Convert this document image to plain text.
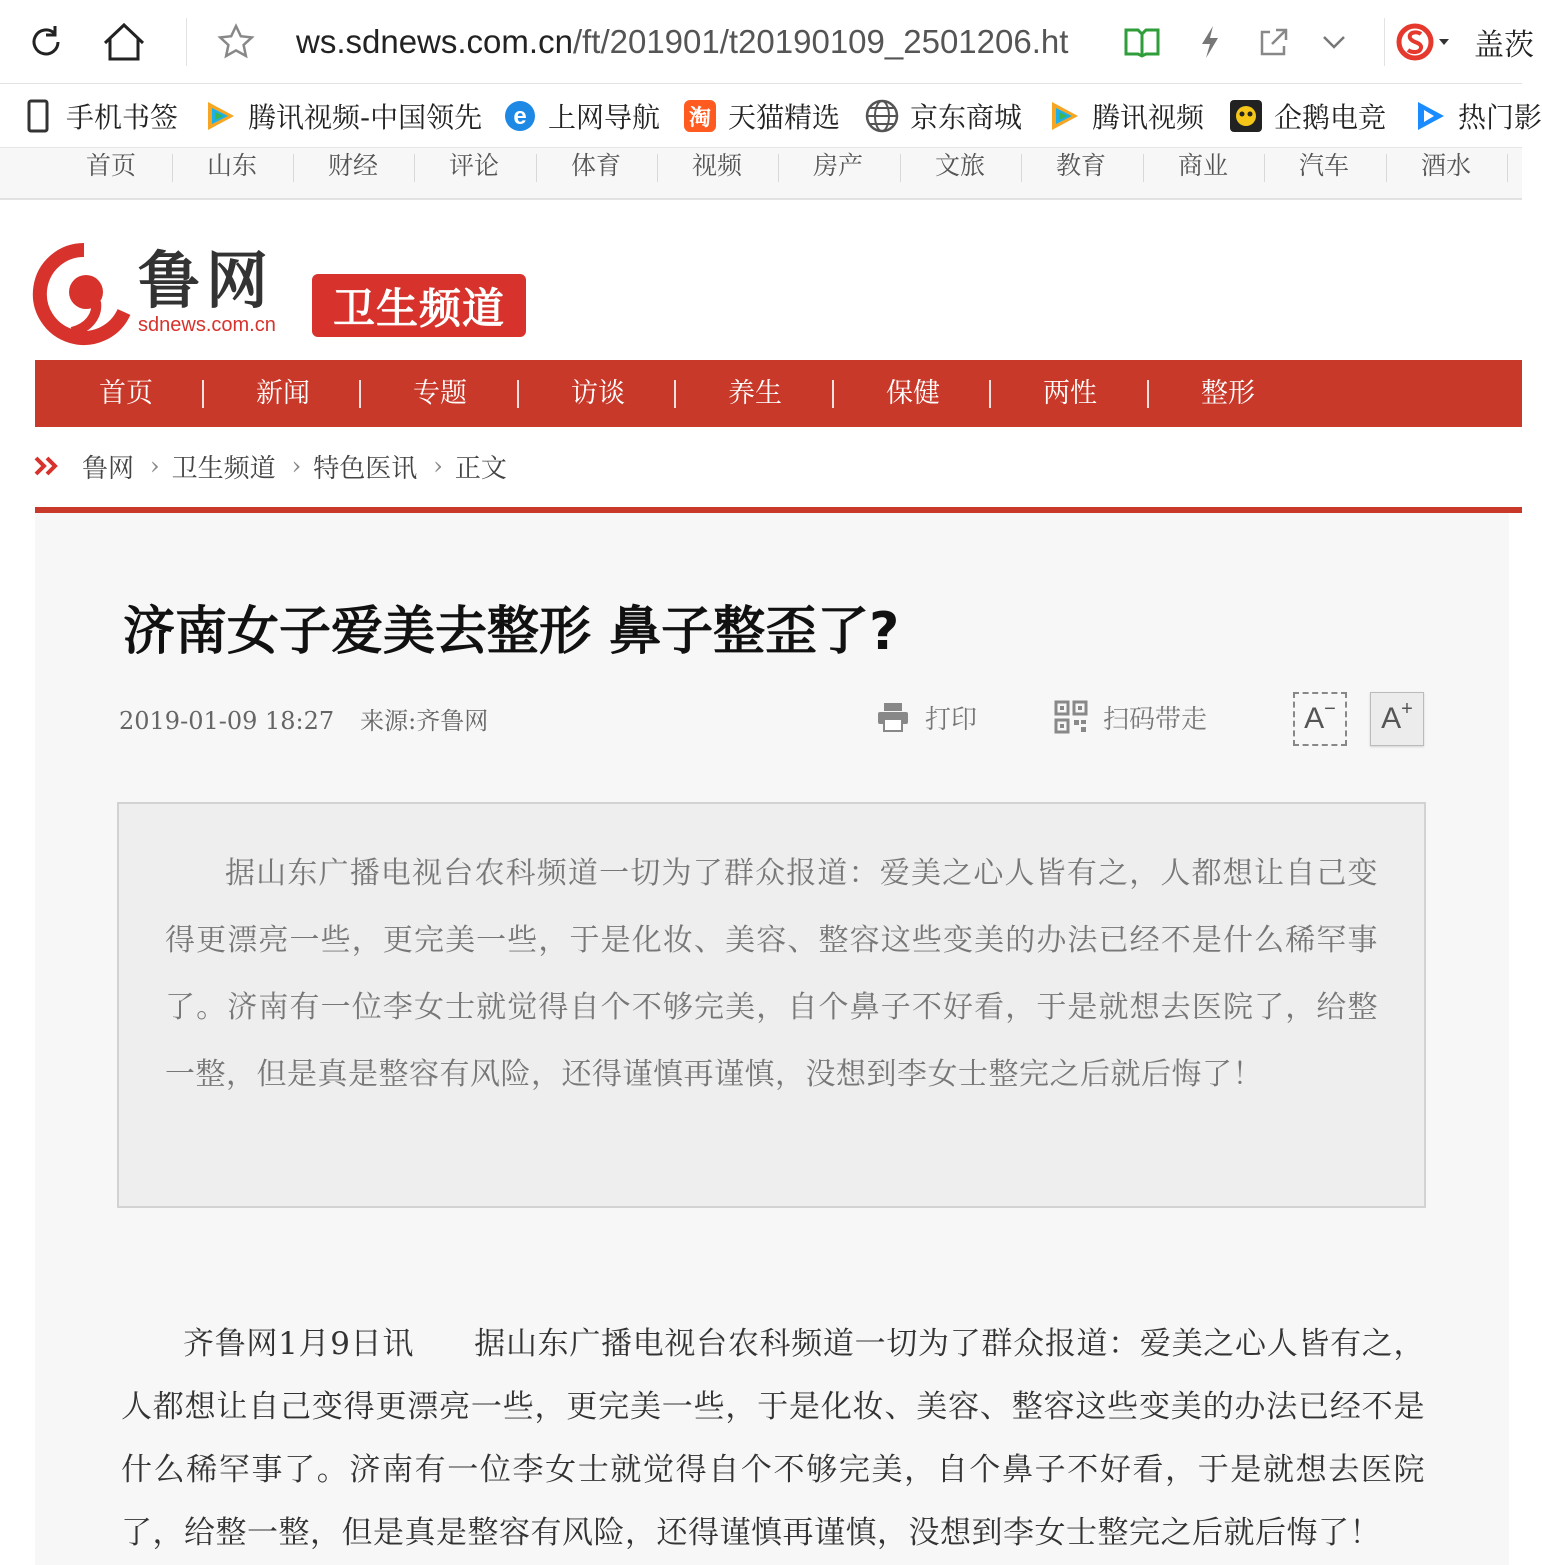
ws.sdnews.com.cn/ft/201901/t20190109_2501206.ht	盖茨
手机书签 腾讯视频-中国领先 e 上网导航 淘 天猫精选 京东商城 腾讯视频 企鹅电竞	热门影
首页	山东	财经	评论	体育	视频	房产	文旅	教育	商业	汽车	酒水
鲁网
sdnews.com.cn	卫生频道
首页	新闻	专题	访谈	养生	保健	两性	整形
鲁网 › 卫生频道 › 特色医讯 › 正文
济南女子爱美去整形 鼻子整歪了?
2019-01-09 18:27 来源:齐鲁网	打印	扫码带走	A− A+

据山东广播电视台农科频道一切为了群众报道：爱美之心人皆有之，人都想让自己变得更漂亮一些，更完美一些，于是化妆、美容、整容这些变美的办法已经不是什么稀罕事了。济南有一位李女士就觉得自个不够完美，自个鼻子不好看，于是就想去医院了，给整一整，但是真是整容有风险，还得谨慎再谨慎，没想到李女士整完之后就后悔了！

齐鲁网1月9日讯 据山东广播电视台农科频道一切为了群众报道：爱美之心人皆有之，人都想让自己变得更漂亮一些，更完美一些，于是化妆、美容、整容这些变美的办法已经不是什么稀罕事了。济南有一位李女士就觉得自个不够完美，自个鼻子不好看，于是就想去医院了，给整一整，但是真是整容有风险，还得谨慎再谨慎，没想到李女士整完之后就后悔了！
